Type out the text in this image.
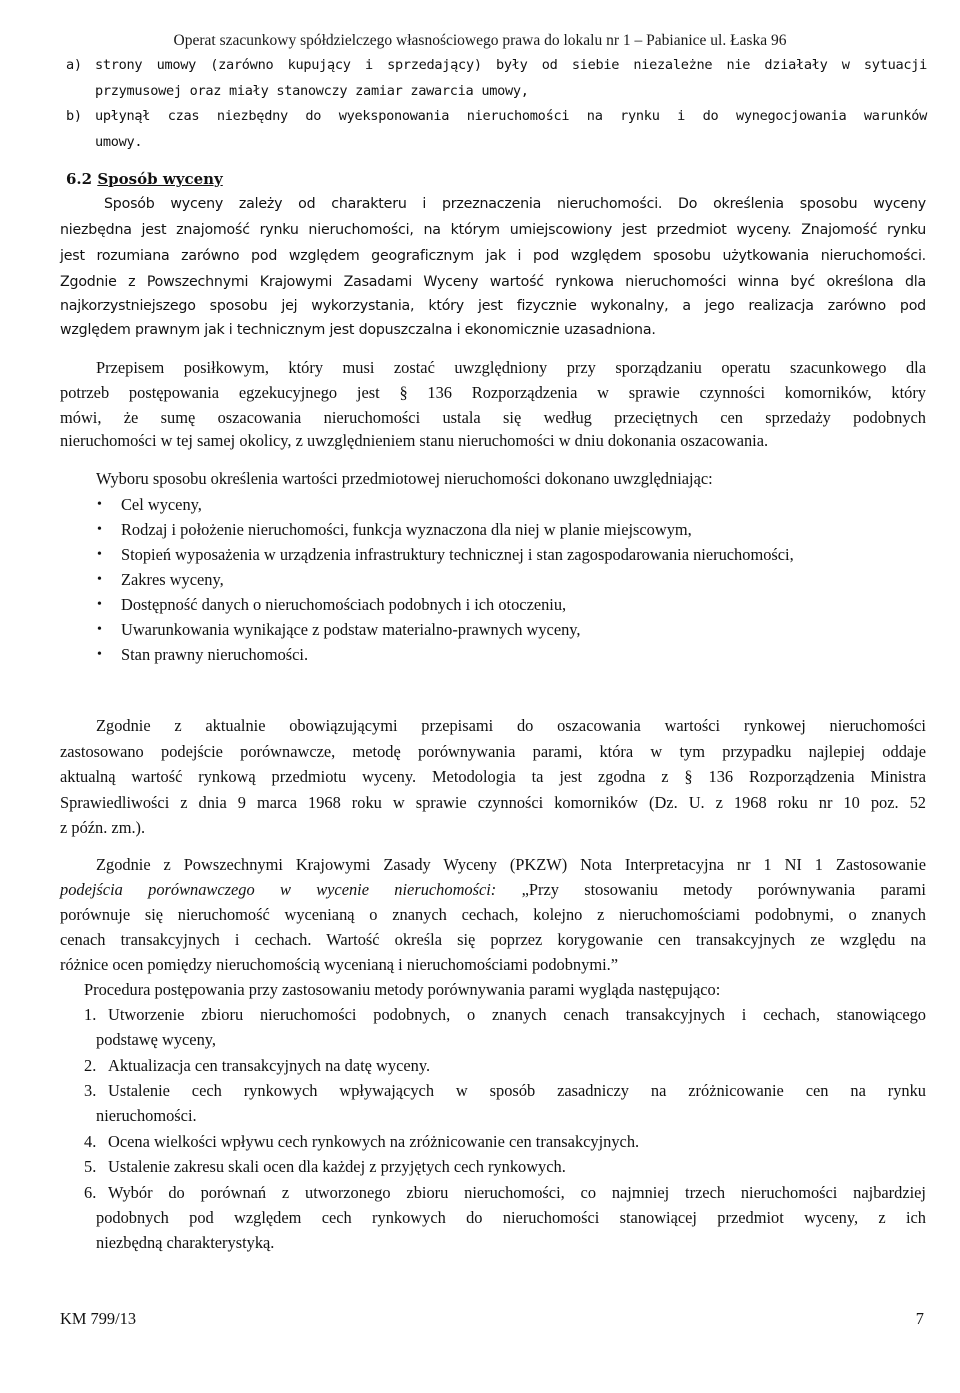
Operat szacunkowy spółdzielczego własnościowego prawa do lokalu nr 1 – Pabianice ul. Łaska 96
a) strony umowy (zarówno kupujący i sprzedający) były od siebie niezależne nie działały w sytuacji
przymusowej oraz miały stanowczy zamiar zawarcia umowy,
b) upłynął czas niezbędny do wyeksponowania nieruchomości na rynku i do wynegocjowania warunków
umowy.
6.2 Sposób wyceny
Sposób wyceny zależy od charakteru i przeznaczenia nieruchomości. Do określenia sposobu wyceny
niezbędna jest znajomość rynku nieruchomości, na którym umiejscowiony jest przedmiot wyceny. Znajomość rynku
jest rozumiana zarówno pod względem geograficznym jak i pod względem sposobu użytkowania nieruchomości.
Zgodnie z Powszechnymi Krajowymi Zasadami Wyceny wartość rynkowa nieruchomości winna być określona dla
najkorzystniejszego sposobu jej wykorzystania, który jest fizycznie wykonalny, a jego realizacja zarówno pod
względem prawnym jak i technicznym jest dopuszczalna i ekonomicznie uzasadniona.
Przepisem posiłkowym, który musi zostać uwzględniony przy sporządzaniu operatu szacunkowego dla
potrzeb postępowania egzekucyjnego jest § 136 Rozporządzenia w sprawie czynności komorników, który
mówi, że sumę oszacowania nieruchomości ustala się według przeciętnych cen sprzedaży podobnych
nieruchomości w tej samej okolicy, z uwzględnieniem stanu nieruchomości w dniu dokonania oszacowania.
Wyboru sposobu określenia wartości przedmiotowej nieruchomości dokonano uwzględniając:
• Cel wyceny,
• Rodzaj i położenie nieruchomości, funkcja wyznaczona dla niej w planie miejscowym,
• Stopień wyposażenia w urządzenia infrastruktury technicznej i stan zagospodarowania nieruchomości,
• Zakres wyceny,
• Dostępność danych o nieruchomościach podobnych i ich otoczeniu,
• Uwarunkowania wynikające z podstaw materialno-prawnych wyceny,
• Stan prawny nieruchomości.
Zgodnie z aktualnie obowiązującymi przepisami do oszacowania wartości rynkowej nieruchomości
zastosowano podejście porównawcze, metodę porównywania parami, która w tym przypadku najlepiej oddaje
aktualną wartość rynkową przedmiotu wyceny. Metodologia ta jest zgodna z § 136 Rozporządzenia Ministra
Sprawiedliwości z dnia 9 marca 1968 roku w sprawie czynności komorników (Dz. U. z 1968 roku nr 10 poz. 52
z późn. zm.).
Zgodnie z Powszechnymi Krajowymi Zasady Wyceny (PKZW) Nota Interpretacyjna nr 1 NI 1 Zastosowanie
podejścia porównawczego w wycenie nieruchomości: „Przy stosowaniu metody porównywania parami
porównuje się nieruchomość wycenianą o znanych cechach, kolejno z nieruchomościami podobnymi, o znanych
cenach transakcyjnych i cechach. Wartość określa się poprzez korygowanie cen transakcyjnych ze względu na
różnice ocen pomiędzy nieruchomością wycenianą i nieruchomościami podobnymi.”
Procedura postępowania przy zastosowaniu metody porównywania parami wygląda następująco:
1. Utworzenie zbioru nieruchomości podobnych, o znanych cenach transakcyjnych i cechach, stanowiącego
podstawę wyceny,
2. Aktualizacja cen transakcyjnych na datę wyceny.
3. Ustalenie cech rynkowych wpływających w sposób zasadniczy na zróżnicowanie cen na rynku
nieruchomości.
4. Ocena wielkości wpływu cech rynkowych na zróżnicowanie cen transakcyjnych.
5. Ustalenie zakresu skali ocen dla każdej z przyjętych cech rynkowych.
6. Wybór do porównań z utworzonego zbioru nieruchomości, co najmniej trzech nieruchomości najbardziej
podobnych pod względem cech rynkowych do nieruchomości stanowiącej przedmiot wyceny, z ich
niezbędną charakterystyką.
KM 799/13	7
